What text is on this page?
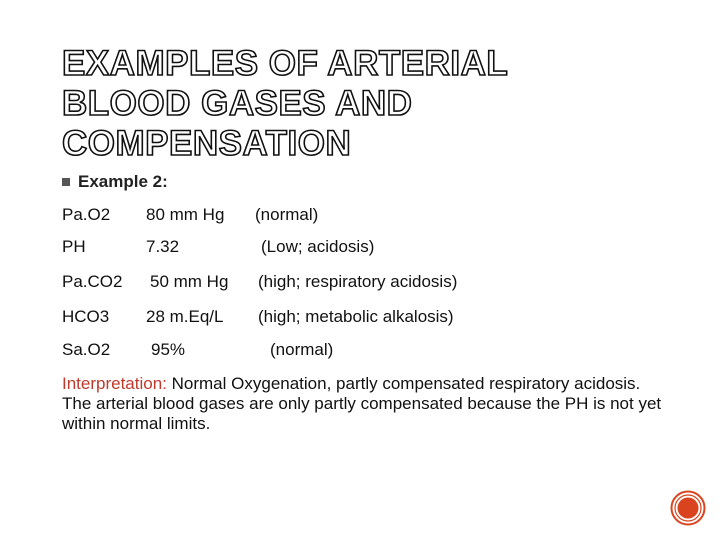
EXAMPLES OF ARTERIAL
BLOOD GASES AND
COMPENSATION
Example 2:
Pa.O2 80 mm Hg (normal)
PH	7.32	(Low; acidosis)
Pa.CO2 50 mm Hg (high; respiratory acidosis)
HCO3 28 m.Eq/L (high; metabolic alkalosis)
Sa.O2 95%	(normal)
Interpretation: Normal Oxygenation, partly compensated respiratory acidosis. The arterial blood gases are only partly compensated because the PH is not yet within normal limits.
